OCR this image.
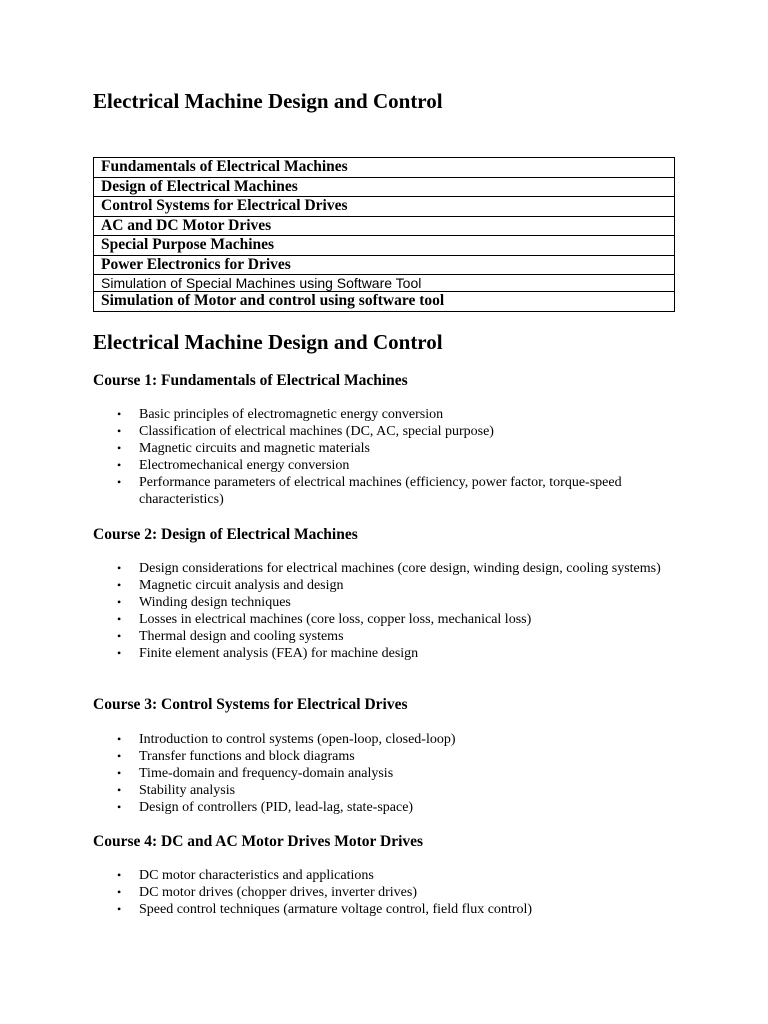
Electrical Machine Design and Control
Fundamentals of Electrical Machines
Design of Electrical Machines
Control Systems for Electrical Drives
AC and DC Motor Drives
Special Purpose Machines
Power Electronics for Drives
Simulation of Special Machines using Software Tool
Simulation of Motor and control using software tool
Electrical Machine Design and Control
Course 1: Fundamentals of Electrical Machines
• Basic principles of electromagnetic energy conversion
• Classification of electrical machines (DC, AC, special purpose)
• Magnetic circuits and magnetic materials
• Electromechanical energy conversion
• Performance parameters of electrical machines (efficiency, power factor, torque-speed characteristics)
Course 2: Design of Electrical Machines
• Design considerations for electrical machines (core design, winding design, cooling systems)
• Magnetic circuit analysis and design
• Winding design techniques
• Losses in electrical machines (core loss, copper loss, mechanical loss)
• Thermal design and cooling systems
• Finite element analysis (FEA) for machine design
Course 3: Control Systems for Electrical Drives
• Introduction to control systems (open-loop, closed-loop)
• Transfer functions and block diagrams
• Time-domain and frequency-domain analysis
• Stability analysis
• Design of controllers (PID, lead-lag, state-space)
Course 4: DC and AC Motor Drives Motor Drives
• DC motor characteristics and applications
• DC motor drives (chopper drives, inverter drives)
• Speed control techniques (armature voltage control, field flux control)
